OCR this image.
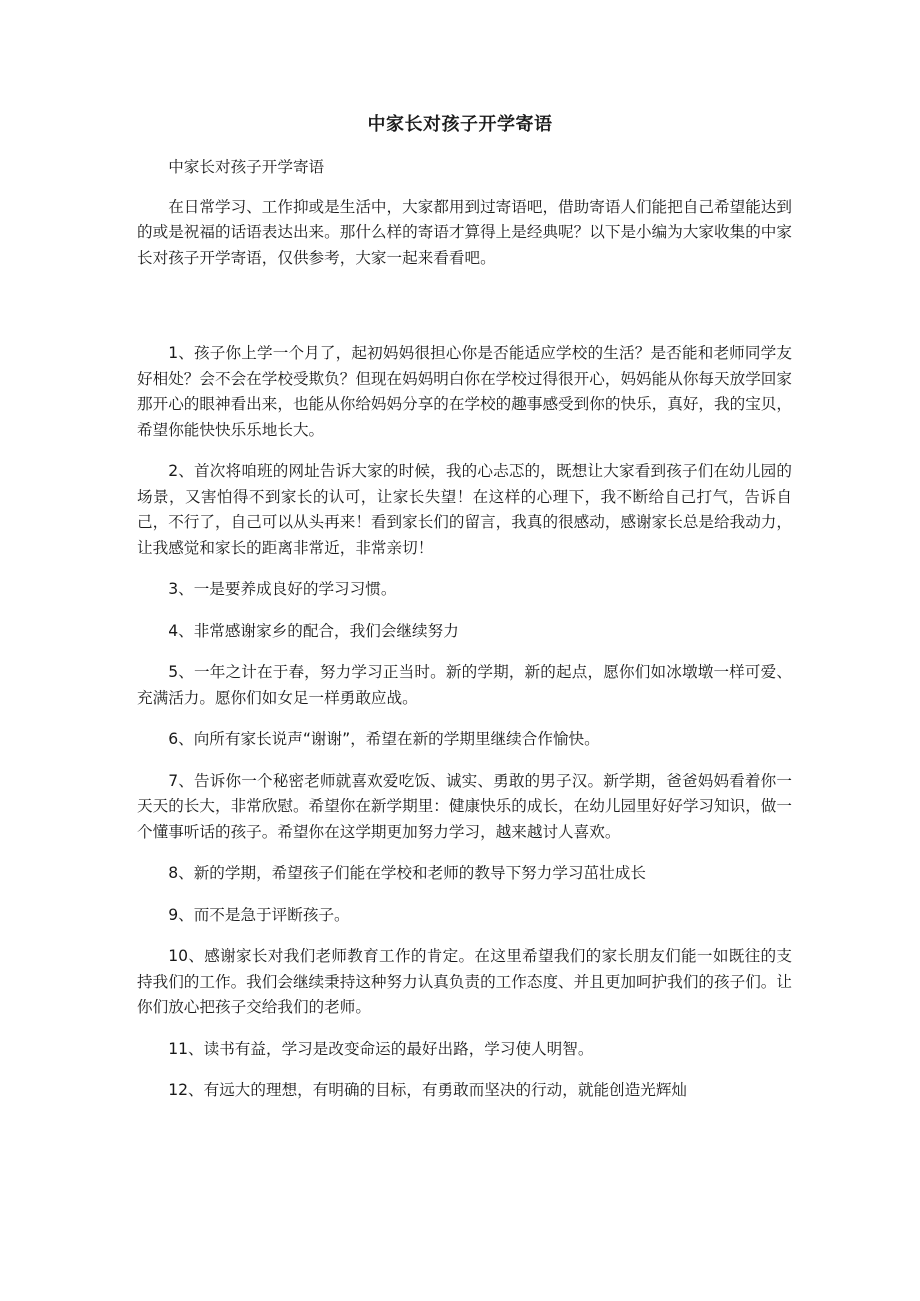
中家长对孩子开学寄语

中家长对孩子开学寄语

在日常学习、工作抑或是生活中，大家都用到过寄语吧，借助寄语人们能把自己希望能达到的或是祝福的话语表达出来。那什么样的寄语才算得上是经典呢？以下是小编为大家收集的中家长对孩子开学寄语，仅供参考，大家一起来看看吧。

1、孩子你上学一个月了，起初妈妈很担心你是否能适应学校的生活？是否能和老师同学友好相处？会不会在学校受欺负？但现在妈妈明白你在学校过得很开心，妈妈能从你每天放学回家那开心的眼神看出来，也能从你给妈妈分享的在学校的趣事感受到你的快乐，真好，我的宝贝，希望你能快快乐乐地长大。

2、首次将咱班的网址告诉大家的时候，我的心忐忑的，既想让大家看到孩子们在幼儿园的场景，又害怕得不到家长的认可，让家长失望！在这样的心理下，我不断给自己打气，告诉自己，不行了，自己可以从头再来！看到家长们的留言，我真的很感动，感谢家长总是给我动力，让我感觉和家长的距离非常近，非常亲切！

3、一是要养成良好的学习习惯。

4、非常感谢家乡的配合，我们会继续努力

5、一年之计在于春，努力学习正当时。新的学期，新的起点，愿你们如冰墩墩一样可爱、充满活力。愿你们如女足一样勇敢应战。

6、向所有家长说声“谢谢”，希望在新的学期里继续合作愉快。

7、告诉你一个秘密老师就喜欢爱吃饭、诚实、勇敢的男子汉。新学期，爸爸妈妈看着你一天天的长大，非常欣慰。希望你在新学期里：健康快乐的成长，在幼儿园里好好学习知识，做一个懂事听话的孩子。希望你在这学期更加努力学习，越来越讨人喜欢。

8、新的学期，希望孩子们能在学校和老师的教导下努力学习茁壮成长

9、而不是急于评断孩子。

10、感谢家长对我们老师教育工作的肯定。在这里希望我们的家长朋友们能一如既往的支持我们的工作。我们会继续秉持这种努力认真负责的工作态度、并且更加呵护我们的孩子们。让你们放心把孩子交给我们的老师。

11、读书有益，学习是改变命运的最好出路，学习使人明智。

12、有远大的理想，有明确的目标，有勇敢而坚决的行动，就能创造光辉灿
